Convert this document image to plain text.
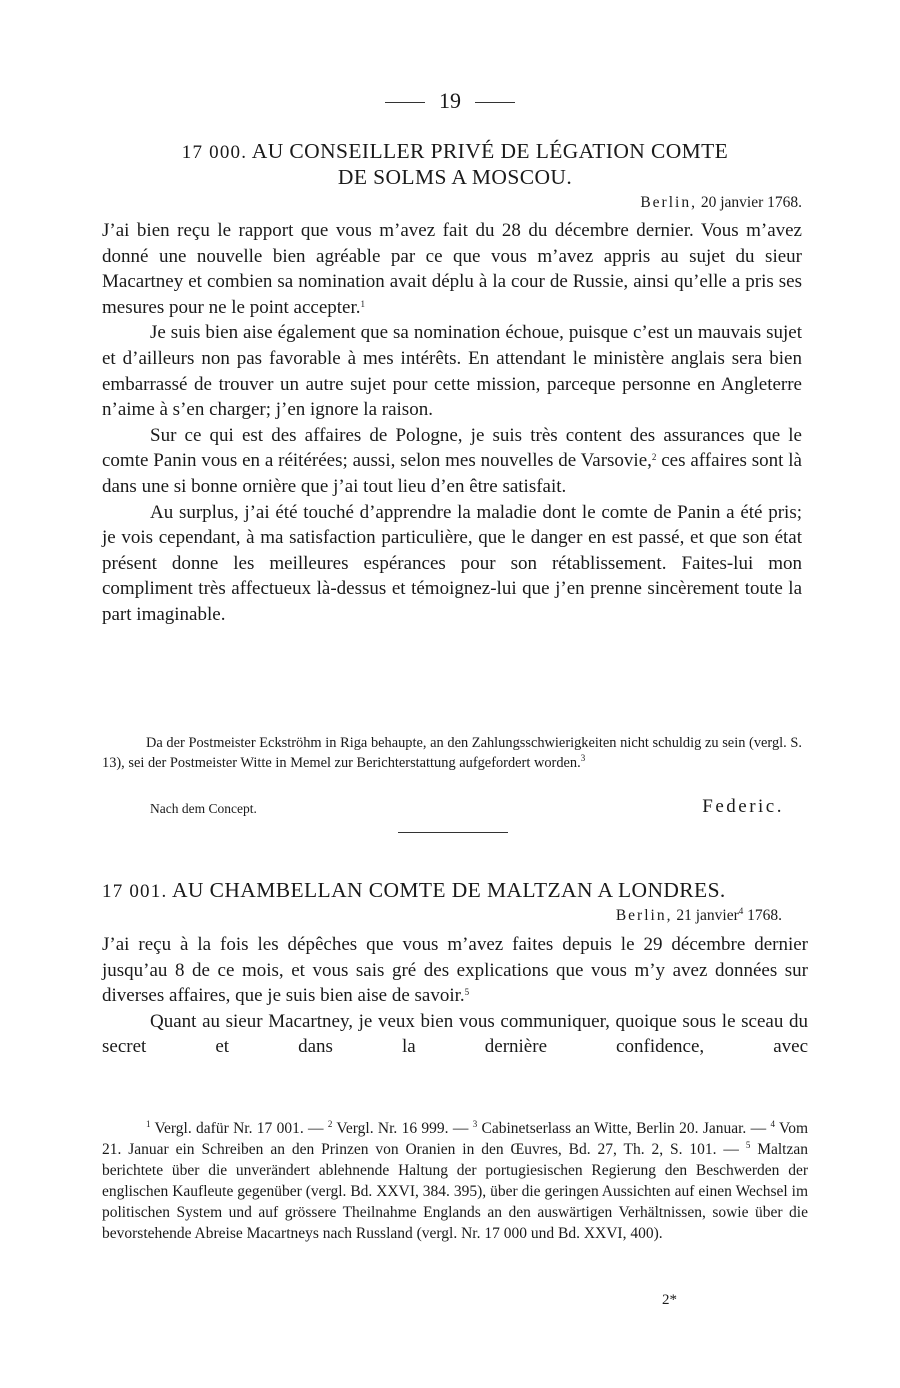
19
17 000. AU CONSEILLER PRIVÉ DE LÉGATION COMTE
DE SOLMS A MOSCOU.
Berlin, 20 janvier 1768.

J’ai bien reçu le rapport que vous m’avez fait du 28 du décembre dernier. Vous m’avez donné une nouvelle bien agréable par ce que vous m’avez appris au sujet du sieur Macartney et combien sa nomination avait déplu à la cour de Russie, ainsi qu’elle a pris ses mesures pour ne le point accepter.$^1$

Je suis bien aise également que sa nomination échoue, puisque c’est un mauvais sujet et d’ailleurs non pas favorable à mes intérêts. En attendant le ministère anglais sera bien embarrassé de trouver un autre sujet pour cette mission, parceque personne en Angleterre n’aime à s’en charger; j’en ignore la raison.

Sur ce qui est des affaires de Pologne, je suis très content des assurances que le comte Panin vous en a réitérées; aussi, selon mes nouvelles de Varsovie,$^2$ ces affaires sont là dans une si bonne ornière que j’ai tout lieu d’en être satisfait.

Au surplus, j’ai été touché d’apprendre la maladie dont le comte de Panin a été pris; je vois cependant, à ma satisfaction particulière, que le danger en est passé, et que son état présent donne les meilleures espérances pour son rétablissement. Faites-lui mon compliment très affectueux là-dessus et témoignez-lui que j’en prenne sincèrement toute la part imaginable.

Da der Postmeister Eckströhm in Riga behaupte, an den Zahlungsschwierigkeiten nicht schuldig zu sein (vergl. S. 13), sei der Postmeister Witte in Memel zur Berichterstattung aufgefordert worden.$^3$
Nach dem Concept.	Federic.
17 001. AU CHAMBELLAN COMTE DE MALTZAN A LONDRES.
Berlin, 21 janvier$^4$ 1768.

J’ai reçu à la fois les dépêches que vous m’avez faites depuis le 29 décembre dernier jusqu’au 8 de ce mois, et vous sais gré des explications que vous m’y avez données sur diverses affaires, que je suis bien aise de savoir.$^5$

Quant au sieur Macartney, je veux bien vous communiquer, quoique sous le sceau du secret et dans la dernière confidence, avec

$^1$ Vergl. dafür Nr. 17 001. — $^2$ Vergl. Nr. 16 999. — $^3$ Cabinetserlass an Witte, Berlin 20. Januar. — $^4$ Vom 21. Januar ein Schreiben an den Prinzen von Oranien in den Œuvres, Bd. 27, Th. 2, S. 101. — $^5$ Maltzan berichtete über die unverändert ablehnende Haltung der portugiesischen Regierung den Beschwerden der englischen Kaufleute gegenüber (vergl. Bd. XXVI, 384. 395), über die geringen Aussichten auf einen Wechsel im politischen System und auf grössere Theilnahme Englands an den auswärtigen Verhältnissen, sowie über die bevorstehende Abreise Macartneys nach Russland (vergl. Nr. 17 000 und Bd. XXVI, 400).
2*
